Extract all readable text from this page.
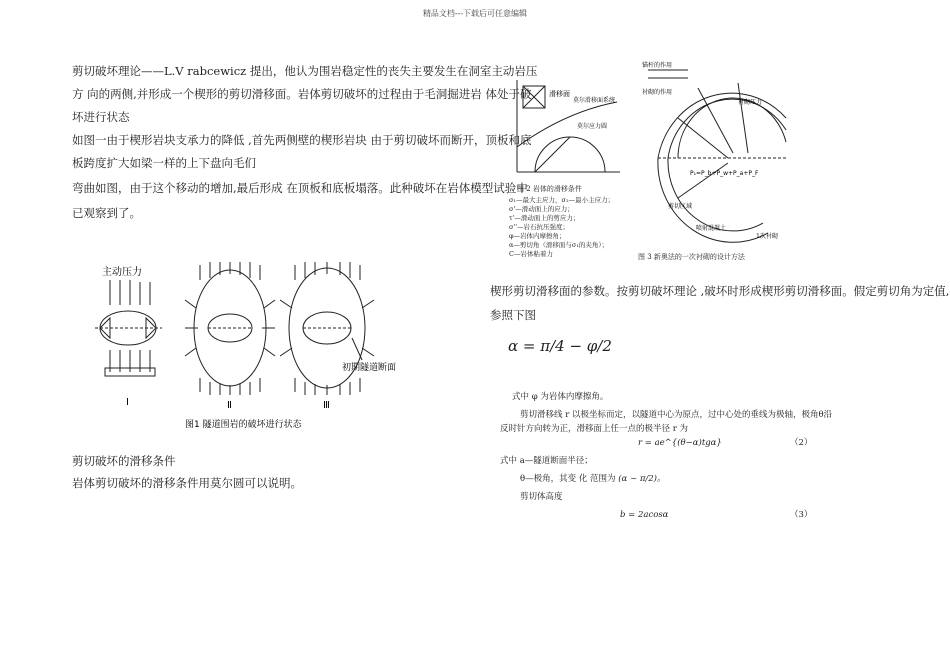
精品文档---下载后可任意编辑
剪切破坏理论——L.V rabcewicz 提出，他认为围岩稳定性的丧失主要发生在洞室主动岩压
方 向的两侧,并形成一个楔形的剪切滑移面。岩体剪切破坏的过程由于毛洞掘进岩 体处于破
坏进行状态
如图一由于楔形岩块支承力的降低 ,首先两侧壁的楔形岩块 由于剪切破坏而断开，顶板和底
板跨度扩大如梁一样的上下盘向毛们
弯曲如图，由于这个移动的增加,最后形成 在顶板和底板塌落。此种破坏在岩体模型试验中
已观察到了。
主动压力
Ⅰ	Ⅱ	Ⅲ
初期隧道断面
图1 隧道围岩的破坏进行状态
剪切破坏的滑移条件
岩体剪切破坏的滑移条件用莫尔圆可以说明。
滑移面
莫尔滑移面系统
莫尔应力圆
图 2 岩体的滑移条件
σ₁—最大主应力，σ₂—最小主应力；
σ'—滑动面上的应力；
τ'—滑动面上的剪应力；
σ''—岩石抗压强度；
φ—岩体内摩擦角；
α—剪切角（滑移面与σ₁的夹角）；
C—岩体粘着力
锚杆的作用
衬砌的作用
衬砌压力
P₁=P_b+P_w+P_a+P_F
剪切区域
喷射混凝土
1次衬砌
图 3 新奥法的一次衬砌的设计方法
楔形剪切滑移面的参数。按剪切破坏理论 ,破坏时形成楔形剪切滑移面。假定剪切角为定值,
参照下图
α = π/4 − φ/2
式中 φ 为岩体内摩擦角。
剪切滑移线 r 以极坐标而定，以隧道中心为原点，过中心处的垂线为极轴，极角θ沿
反时针方向转为正，滑移面上任一点的极半径 r 为
r = ae^{(θ−α)tgα}	（2）
式中 a—隧道断面半径；
θ—极角，其变 化 范围为 (α ~ π/2)。
剪切体高度
b = 2acosα	（3）
